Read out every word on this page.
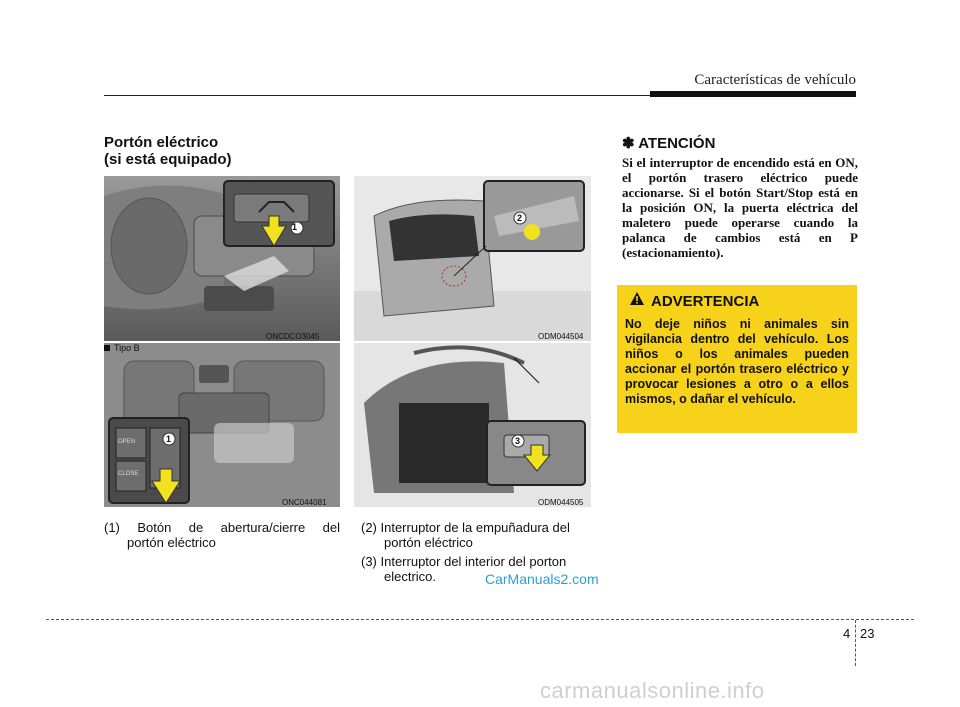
Características de vehículo
Portón eléctrico
(si está equipado)
ONCDCO3045
OPEN
CLOSE
Tipo B
ONC044081
ODM044504
ODM044505
1
1
2
3
(1) Botón de abertura/cierre del
portón eléctrico
(2) Interruptor de la empuñadura del
portón eléctrico
(3) Interruptor del interior del porton
electrico.
✽ ATENCIÓN
Si el interruptor de encendido está en ON, el portón trasero eléctrico puede accionarse. Si el botón Start/Stop está en la posición ON, la puerta eléctrica del maletero puede operarse cuando la palanca de cambios está en P (estacionamiento).
ADVERTENCIA
No deje niños ni animales sin vigilancia dentro del vehículo. Los niños o los animales pueden accionar el portón trasero eléctrico y provocar lesiones a otro o a ellos mismos, o dañar el vehículo.
CarManuals2.com
4 23
carmanualsonline.info
